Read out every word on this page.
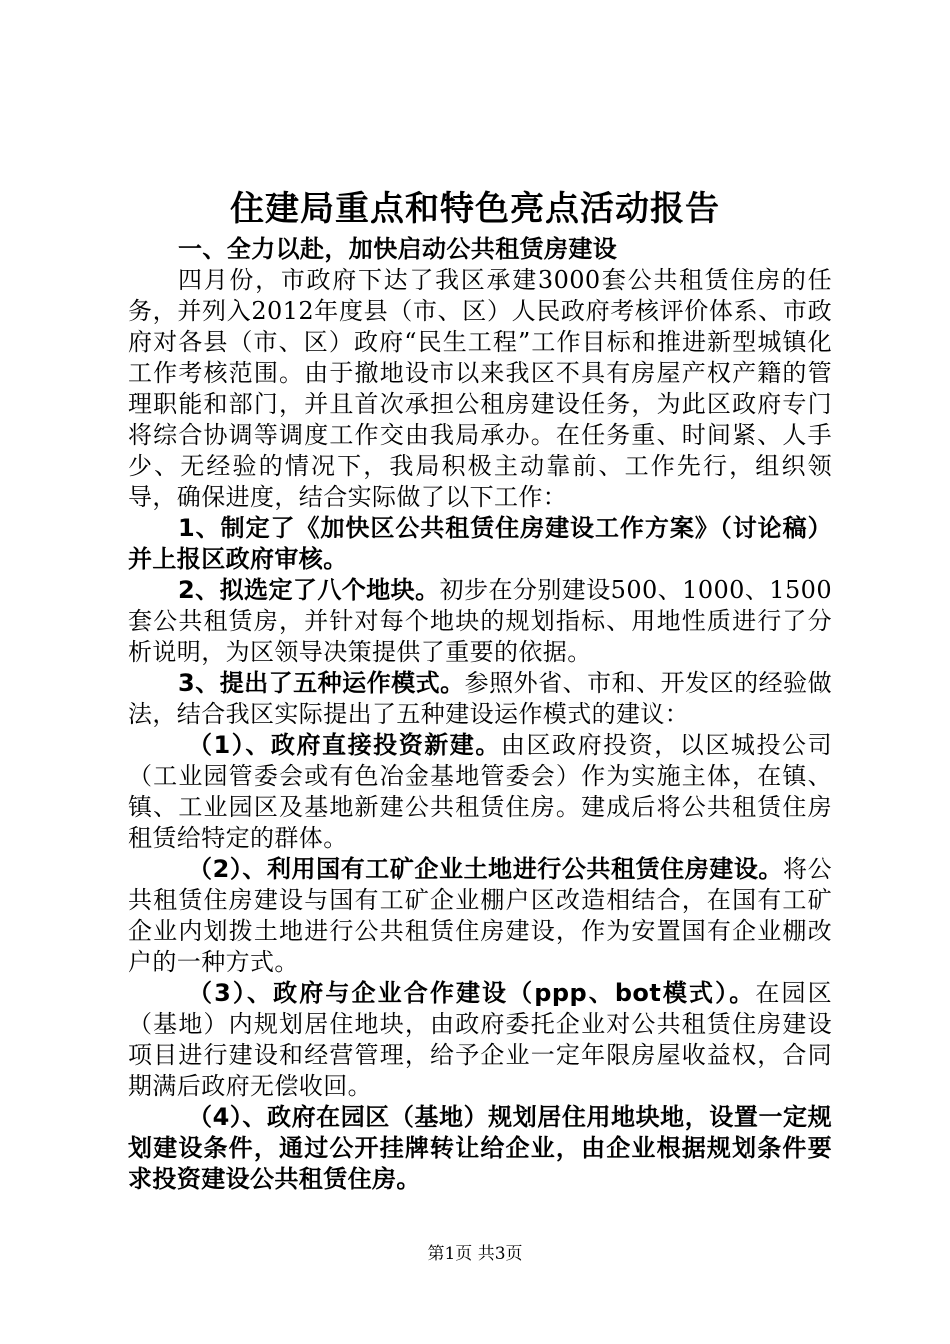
住建局重点和特色亮点活动报告

一、全力以赴，加快启动公共租赁房建设

四月份，市政府下达了我区承建3000套公共租赁住房的任务，并列入2012年度县（市、区）人民政府考核评价体系、市政府对各县（市、区）政府“民生工程”工作目标和推进新型城镇化工作考核范围。由于撤地设市以来我区不具有房屋产权产籍的管理职能和部门，并且首次承担公租房建设任务，为此区政府专门将综合协调等调度工作交由我局承办。在任务重、时间紧、人手少、无经验的情况下，我局积极主动靠前、工作先行，组织领导，确保进度，结合实际做了以下工作：

1、制定了《加快区公共租赁住房建设工作方案》（讨论稿）并上报区政府审核。

2、拟选定了八个地块。初步在分别建设500、1000、1500套公共租赁房，并针对每个地块的规划指标、用地性质进行了分析说明，为区领导决策提供了重要的依据。

3、提出了五种运作模式。参照外省、市和、开发区的经验做法，结合我区实际提出了五种建设运作模式的建议：

（1）、政府直接投资新建。由区政府投资，以区城投公司（工业园管委会或有色冶金基地管委会）作为实施主体，在镇、镇、工业园区及基地新建公共租赁住房。建成后将公共租赁住房租赁给特定的群体。

（2）、利用国有工矿企业土地进行公共租赁住房建设。将公共租赁住房建设与国有工矿企业棚户区改造相结合，在国有工矿企业内划拨土地进行公共租赁住房建设，作为安置国有企业棚改户的一种方式。

（3）、政府与企业合作建设（ppp、bot模式）。在园区（基地）内规划居住地块，由政府委托企业对公共租赁住房建设项目进行建设和经营管理，给予企业一定年限房屋收益权，合同期满后政府无偿收回。

（4）、政府在园区（基地）规划居住用地块地，设置一定规划建设条件，通过公开挂牌转让给企业，由企业根据规划条件要求投资建设公共租赁住房。

第1页 共3页
